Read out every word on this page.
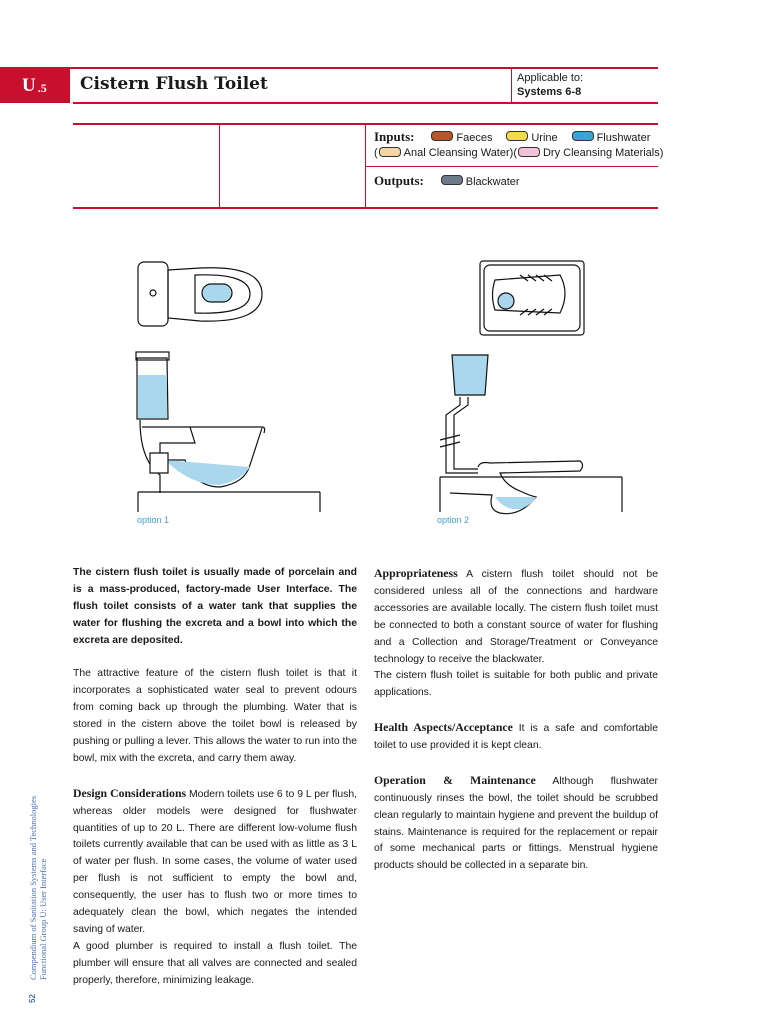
U .5 Cistern Flush Toilet	Applicable to:
Systems 6-8
Inputs:	Faeces	Urine	Flushwater
( Anal Cleansing Water)( Dry Cleansing Materials)
Outputs:	Blackwater
option 1	option 2

The cistern flush toilet is usually made of porcelain and is a mass-produced, factory-made User Interface. The flush toilet consists of a water tank that supplies the water for flushing the excreta and a bowl into which the excreta are deposited.

The attractive feature of the cistern flush toilet is that it incorporates a sophisticated water seal to prevent odours from coming back up through the plumbing. Water that is stored in the cistern above the toilet bowl is released by pushing or pulling a lever. This allows the water to run into the bowl, mix with the excreta, and carry them away.

Design Considerations Modern toilets use 6 to 9 L per flush, whereas older models were designed for flushwater quantities of up to 20 L. There are different low-volume flush toilets currently available that can be used with as little as 3 L of water per flush. In some cases, the volume of water used per flush is not sufficient to empty the bowl and, consequently, the user has to flush two or more times to adequately clean the bowl, which negates the intended saving of water.

A good plumber is required to install a flush toilet. The plumber will ensure that all valves are connected and sealed properly, therefore, minimizing leakage.

Appropriateness A cistern flush toilet should not be considered unless all of the connections and hardware accessories are available locally. The cistern flush toilet must be connected to both a constant source of water for flushing and a Collection and Storage/Treatment or Conveyance technology to receive the blackwater.

The cistern flush toilet is suitable for both public and private applications.

Health Aspects/Acceptance It is a safe and comfortable toilet to use provided it is kept clean.

Operation & Maintenance Although flushwater continuously rinses the bowl, the toilet should be scrubbed clean regularly to maintain hygiene and prevent the buildup of stains. Maintenance is required for the replacement or repair of some mechanical parts or fittings. Menstrual hygiene products should be collected in a separate bin.

Compendium of Sanitation Systems and Technologies Functional Group U: User Interface
52
